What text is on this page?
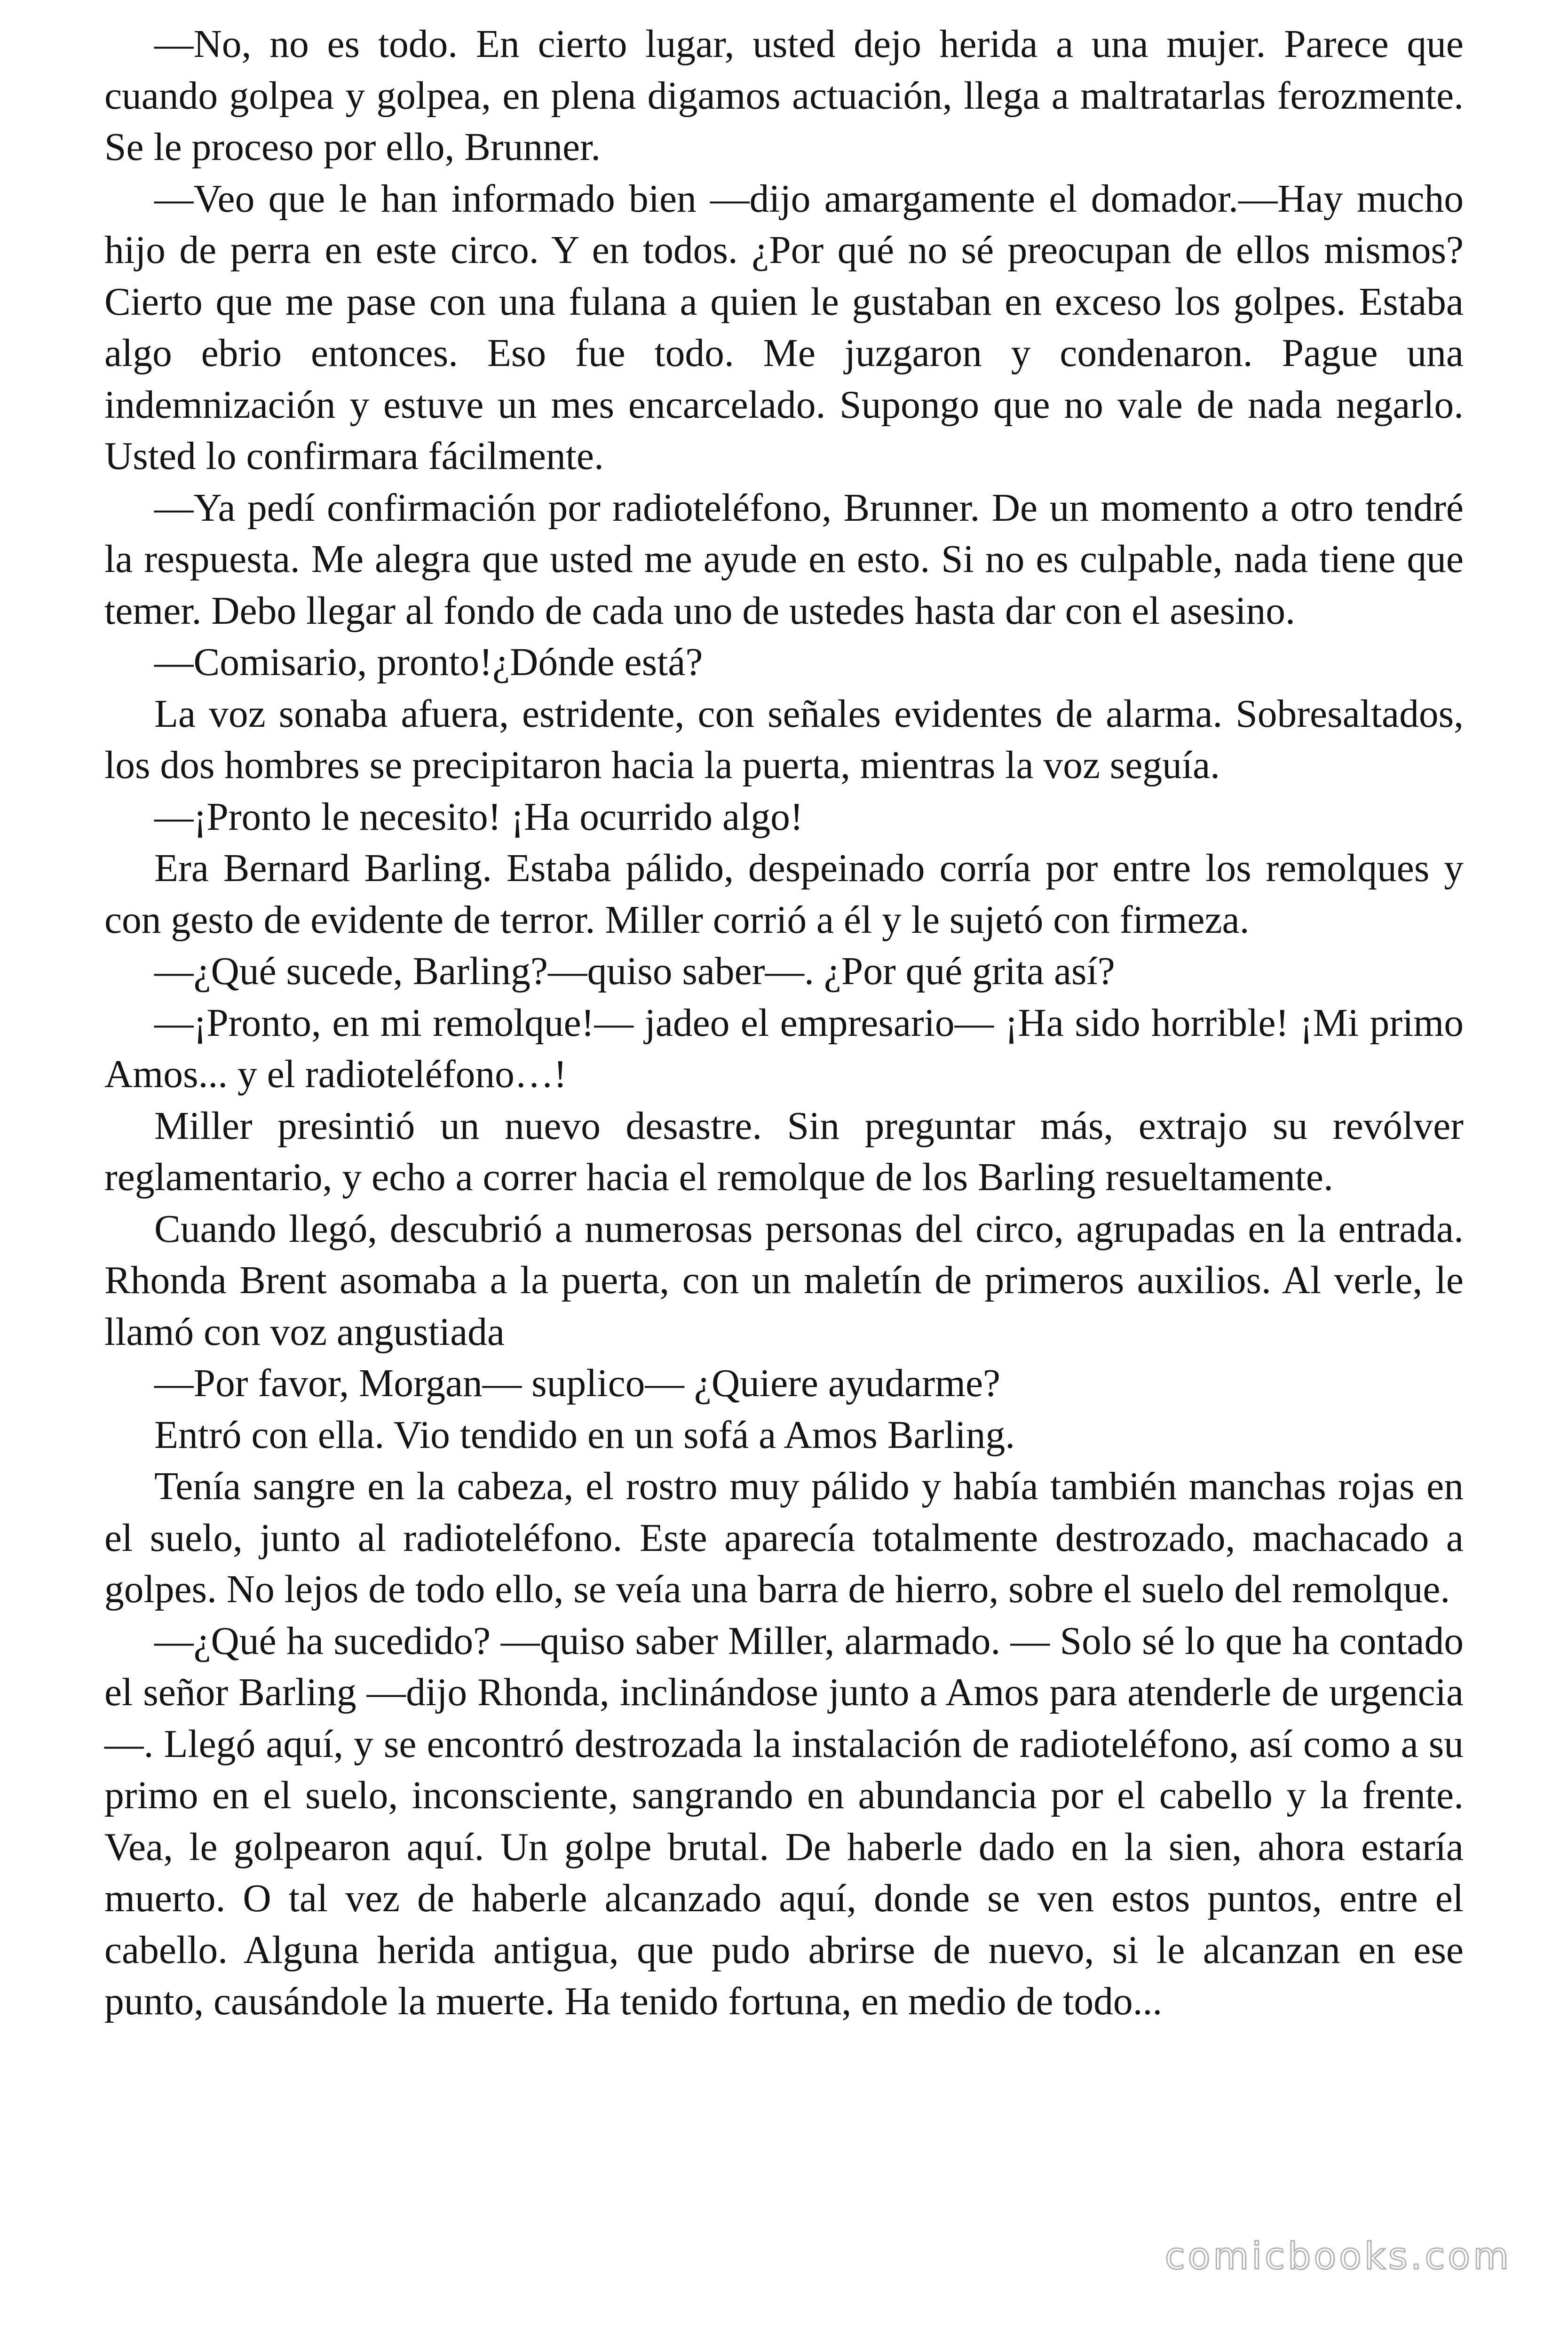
—No, no es todo. En cierto lugar, usted dejo herida a una mujer. Parece que cuando golpea y golpea, en plena digamos actuación, llega a maltratarlas ferozmente. Se le proceso por ello, Brunner.

—Veo que le han informado bien —dijo amargamente el domador.—Hay mucho hijo de perra en este circo. Y en todos. ¿Por qué no sé preocupan de ellos mismos? Cierto que me pase con una fulana a quien le gustaban en exceso los golpes. Estaba algo ebrio entonces. Eso fue todo. Me juzgaron y condenaron. Pague una indemnización y estuve un mes encarcelado. Supongo que no vale de nada negarlo. Usted lo confirmara fácilmente.

—Ya pedí confirmación por radioteléfono, Brunner. De un momento a otro tendré la respuesta. Me alegra que usted me ayude en esto. Si no es culpable, nada tiene que temer. Debo llegar al fondo de cada uno de ustedes hasta dar con el asesino.

—Comisario, pronto!¿Dónde está?

La voz sonaba afuera, estridente, con señales evidentes de alarma. Sobresaltados, los dos hombres se precipitaron hacia la puerta, mientras la voz seguía.

—¡Pronto le necesito! ¡Ha ocurrido algo!

Era Bernard Barling. Estaba pálido, despeinado corría por entre los remolques y con gesto de evidente de terror. Miller corrió a él y le sujetó con firmeza.

—¿Qué sucede, Barling?—quiso saber—. ¿Por qué grita así?

—¡Pronto, en mi remolque!— jadeo el empresario— ¡Ha sido horrible! ¡Mi primo Amos... y el radioteléfono…!

Miller presintió un nuevo desastre. Sin preguntar más, extrajo su revólver reglamentario, y echo a correr hacia el remolque de los Barling resueltamente.

Cuando llegó, descubrió a numerosas personas del circo, agrupadas en la entrada. Rhonda Brent asomaba a la puerta, con un maletín de primeros auxilios. Al verle, le llamó con voz angustiada

—Por favor, Morgan— suplico— ¿Quiere ayudarme?

Entró con ella. Vio tendido en un sofá a Amos Barling.

Tenía sangre en la cabeza, el rostro muy pálido y había también manchas rojas en el suelo, junto al radioteléfono. Este aparecía totalmente destrozado, machacado a golpes. No lejos de todo ello, se veía una barra de hierro, sobre el suelo del remolque.

—¿Qué ha sucedido? —quiso saber Miller, alarmado. — Solo sé lo que ha contado el señor Barling —dijo Rhonda, inclinándose junto a Amos para atenderle de urgencia—. Llegó aquí, y se encontró destrozada la instalación de radioteléfono, así como a su primo en el suelo, inconsciente, sangrando en abundancia por el cabello y la frente. Vea, le golpearon aquí. Un golpe brutal. De haberle dado en la sien, ahora estaría muerto. O tal vez de haberle alcanzado aquí, donde se ven estos puntos, entre el cabello. Alguna herida antigua, que pudo abrirse de nuevo, si le alcanzan en ese punto, causándole la muerte. Ha tenido fortuna, en medio de todo...

comicbooks.com
